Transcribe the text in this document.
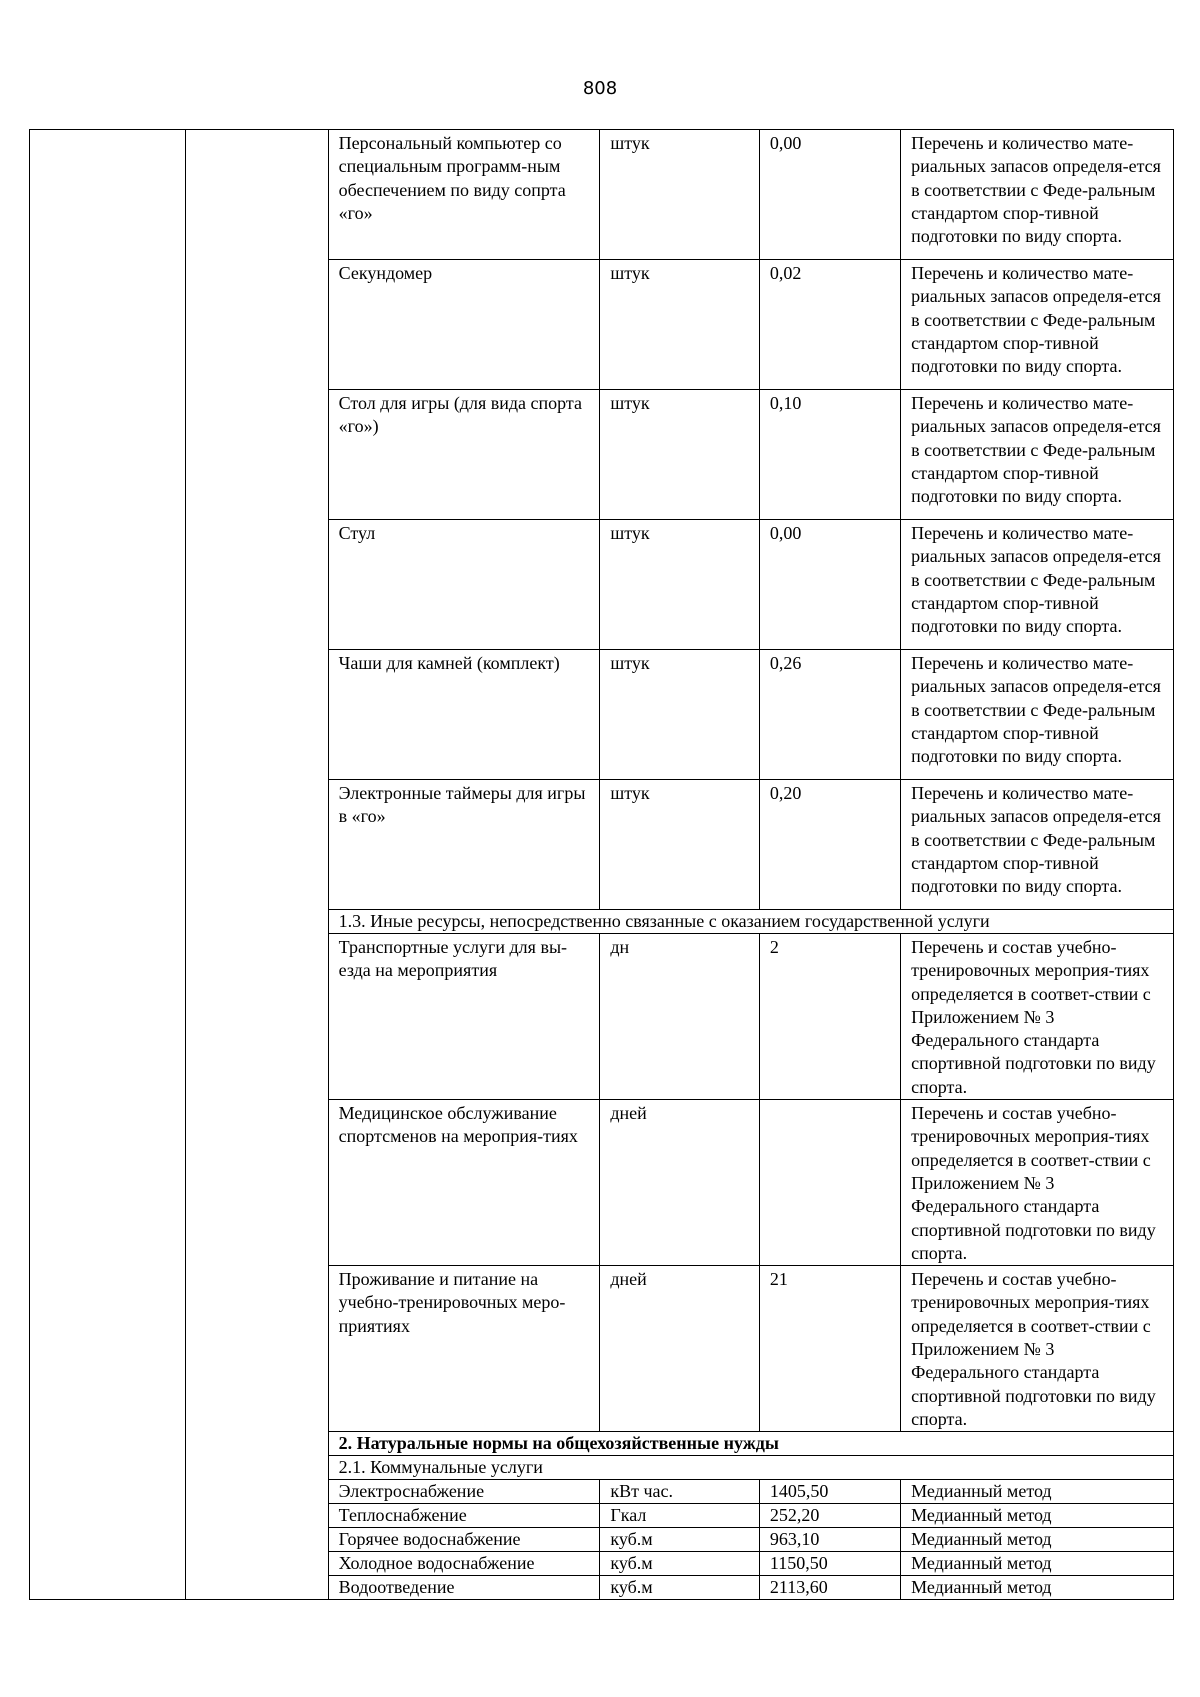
808
		Персональный компьютер со специальным программ-ным обеспечением по виду сопрта «го»	штук	0,00	Перечень и количество мате-риальных запасов определя-ется в соответствии с Феде-ральным стандартом спор-тивной подготовки по виду спорта.
		Секундомер	штук	0,02	Перечень и количество мате-риальных запасов определя-ется в соответствии с Феде-ральным стандартом спор-тивной подготовки по виду спорта.
		Стол для игры (для вида спорта «го»)	штук	0,10	Перечень и количество мате-риальных запасов определя-ется в соответствии с Феде-ральным стандартом спор-тивной подготовки по виду спорта.
		Стул	штук	0,00	Перечень и количество мате-риальных запасов определя-ется в соответствии с Феде-ральным стандартом спор-тивной подготовки по виду спорта.
		Чаши для камней (комплект)	штук	0,26	Перечень и количество мате-риальных запасов определя-ется в соответствии с Феде-ральным стандартом спор-тивной подготовки по виду спорта.
		Электронные таймеры для игры в «го»	штук	0,20	Перечень и количество мате-риальных запасов определя-ется в соответствии с Феде-ральным стандартом спор-тивной подготовки по виду спорта.
		1.3. Иные ресурсы, непосредственно связанные с оказанием государственной услуги			
		Транспортные услуги для вы-езда на мероприятия	дн	2	Перечень и состав учебно-тренировочных мероприя-тиях определяется в соответ-ствии с Приложением № 3 Федерального стандарта спортивной подготовки по виду спорта.
		Медицинское обслуживание спортсменов на мероприя-тиях	дней		Перечень и состав учебно-тренировочных мероприя-тиях определяется в соответ-ствии с Приложением № 3 Федерального стандарта спортивной подготовки по виду спорта.
		Проживание и питание на учебно-тренировочных меро-приятиях	дней	21	Перечень и состав учебно-тренировочных мероприя-тиях определяется в соответ-ствии с Приложением № 3 Федерального стандарта спортивной подготовки по виду спорта.
		2. Натуральные нормы на общехозяйственные нужды			
		2.1. Коммунальные услуги			
		Электроснабжение	кВт час.	1405,50	Медианный метод
		Теплоснабжение	Гкал	252,20	Медианный метод
		Горячее водоснабжение	куб.м	963,10	Медианный метод
		Холодное водоснабжение	куб.м	1150,50	Медианный метод
		Водоотведение	куб.м	2113,60	Медианный метод
